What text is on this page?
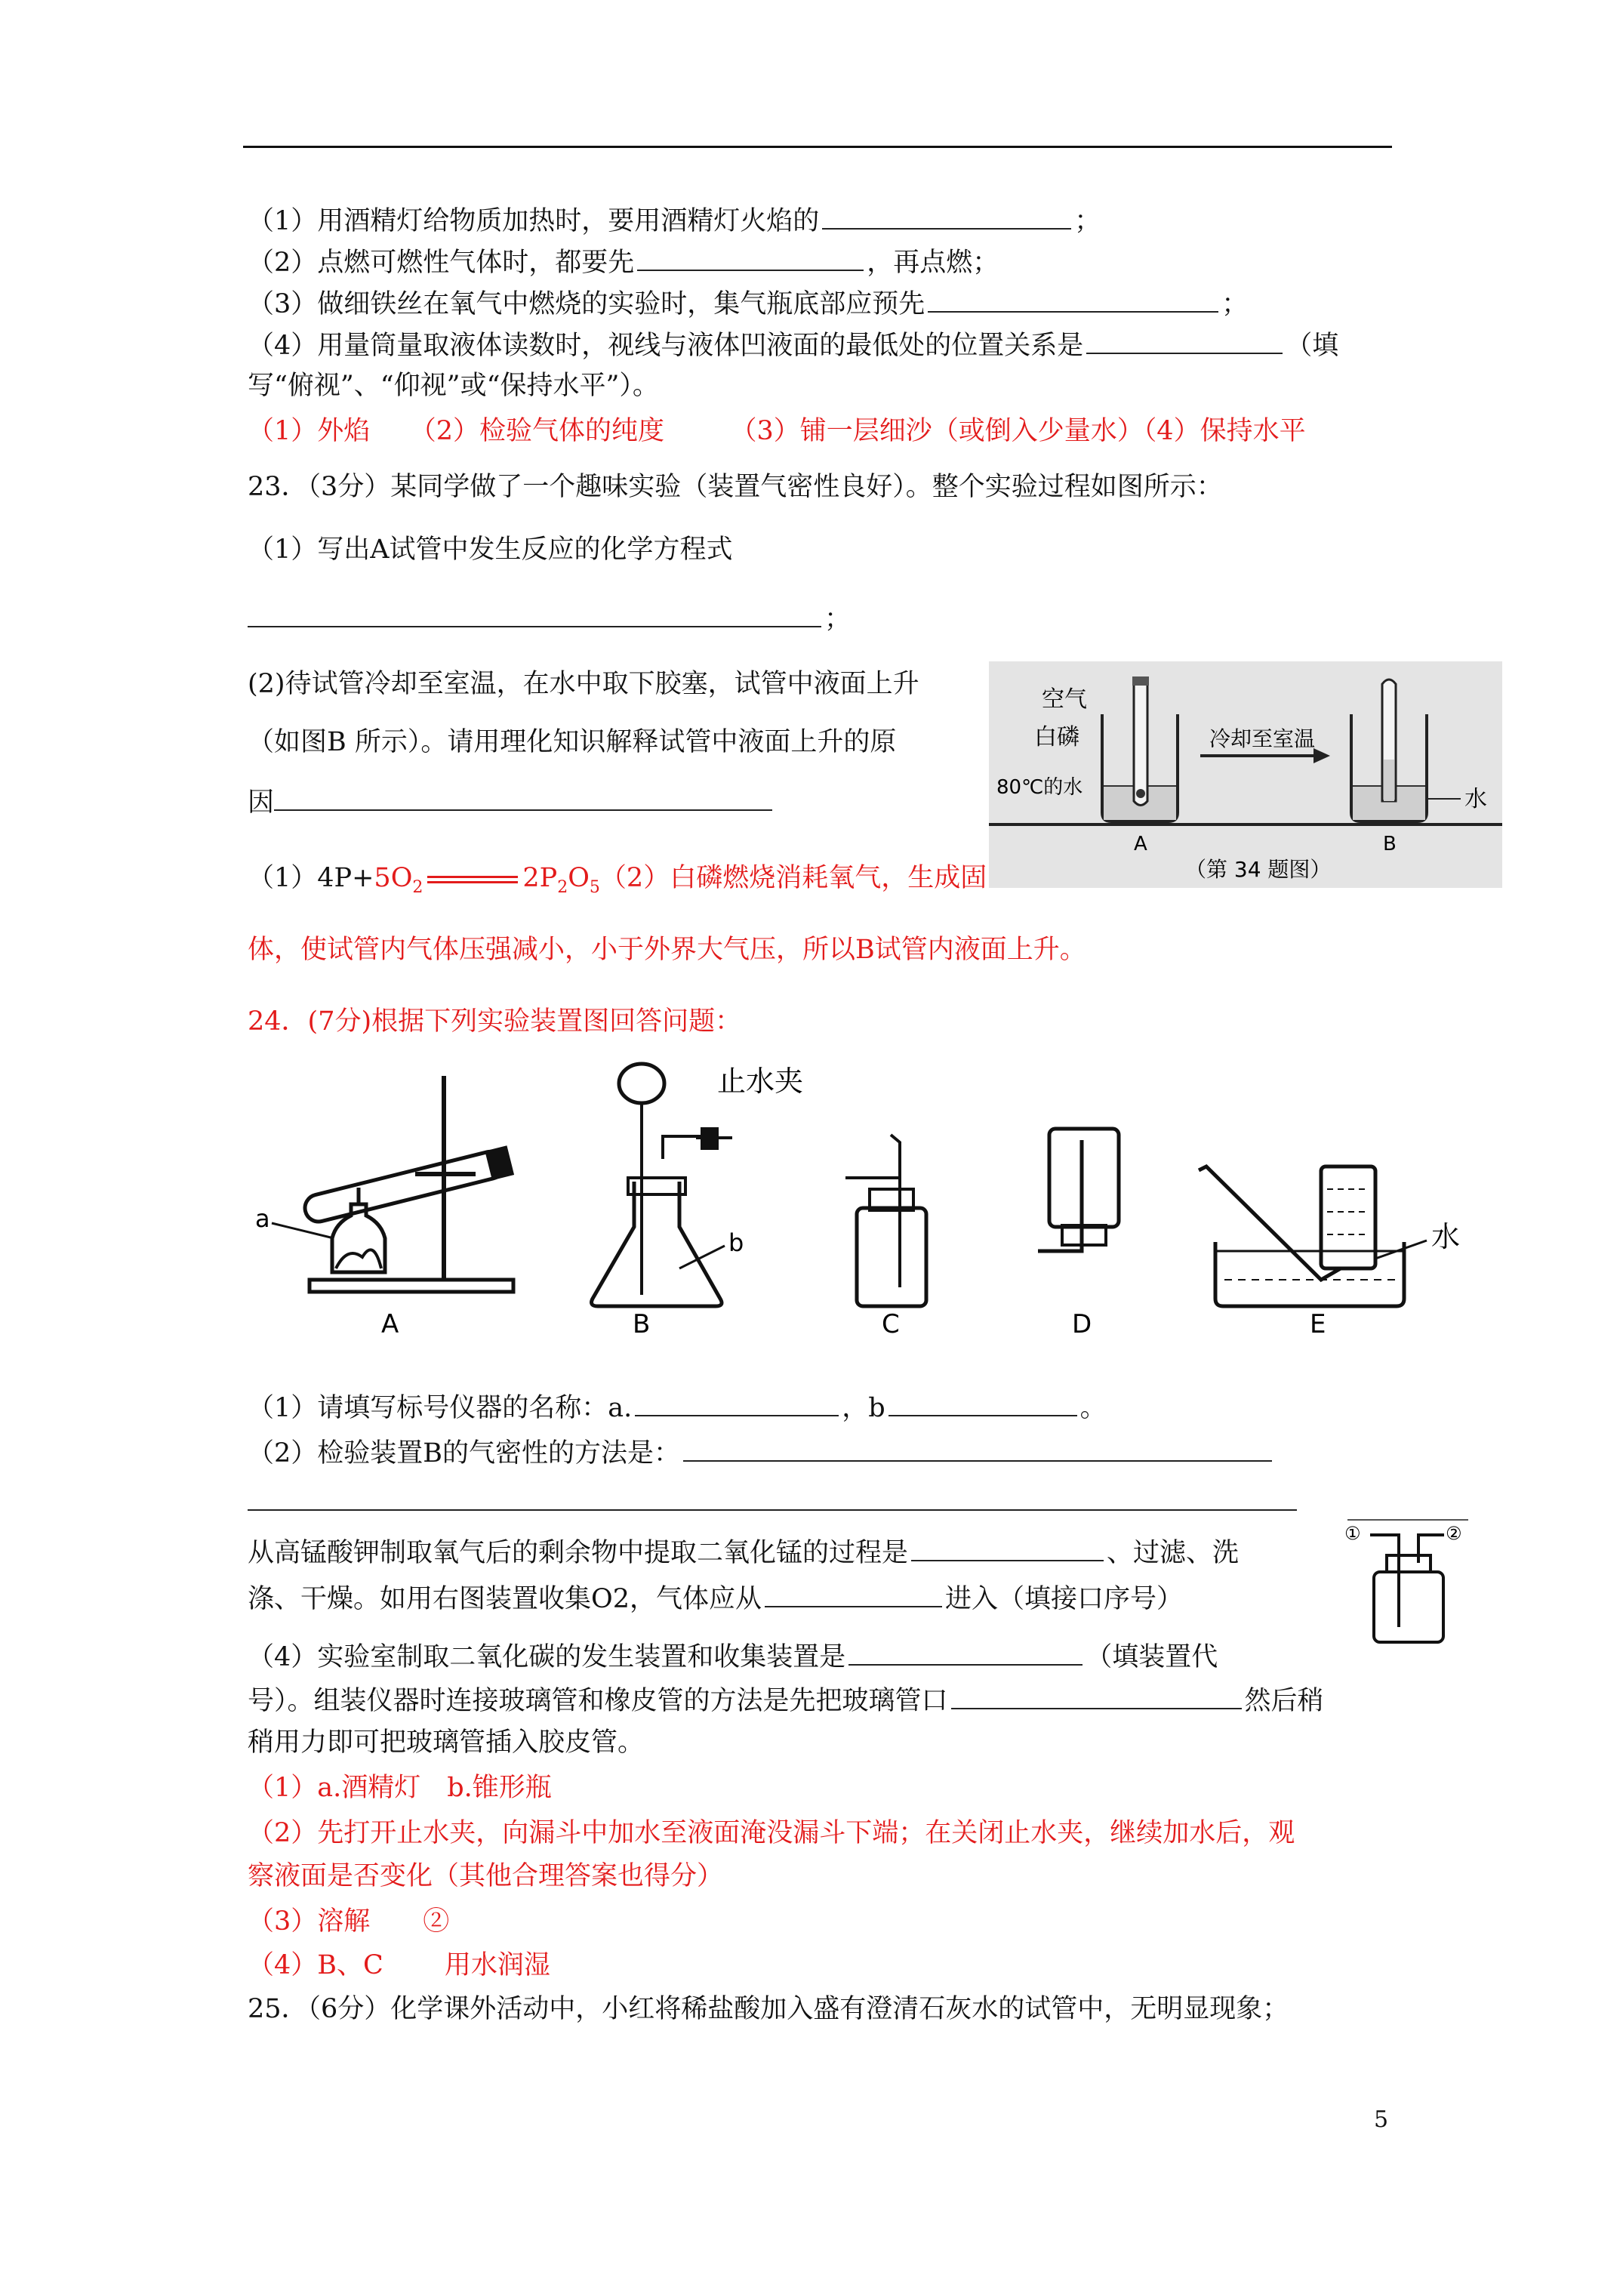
（1）用酒精灯给物质加热时，要用酒精灯火焰的	；
（2）点燃可燃性气体时，都要先	，再点燃；
（3）做细铁丝在氧气中燃烧的实验时，集气瓶底部应预先	；
（4）用量筒量取液体读数时，视线与液体凹液面的最低处的位置关系是	（填
写“俯视”、“仰视”或“保持水平”）。
（1）外焰　　（2）检验气体的纯度　　　（3）铺一层细沙（或倒入少量水）（4）保持水平
23．（3分）某同学做了一个趣味实验（装置气密性良好）。整个实验过程如图所示：
（1）写出A试管中发生反应的化学方程式
；
(2)待试管冷却至室温，在水中取下胶塞，试管中液面上升
（如图B 所示）。请用理化知识解释试管中液面上升的原
因
空气
白磷
80℃的水
冷却至室温
水
A	B
（第 34 题图）
$(1)4P+5O_2$	$2P_2O_5(2)$白磷燃烧消耗氧气，生成固
体，使试管内气体压强减小，小于外界大气压，所以B试管内液面上升。
24．(7分)根据下列实验装置图回答问题：
a
A
b
止水夹
B	C	D
水
E
（1）请填写标号仪器的名称：a.	，b	。
（2）检验装置B的气密性的方法是：
从高锰酸钾制取氧气后的剩余物中提取二氧化锰的过程是	、过滤、洗
涤、干燥。如用右图装置收集O2，气体应从	进入（填接口序号）
①	②
（4）实验室制取二氧化碳的发生装置和收集装置是	（填装置代
号）。组装仪器时连接玻璃管和橡皮管的方法是先把玻璃管口	然后稍
稍用力即可把玻璃管插入胶皮管。
（1）a.酒精灯　b.锥形瓶
（2）先打开止水夹，向漏斗中加水至液面淹没漏斗下端；在关闭止水夹，继续加水后，观
察液面是否变化（其他合理答案也得分）
（3）溶解　　②
（4）B、C　　 用水润湿
25．（6分）化学课外活动中，小红将稀盐酸加入盛有澄清石灰水的试管中，无明显现象；
5
